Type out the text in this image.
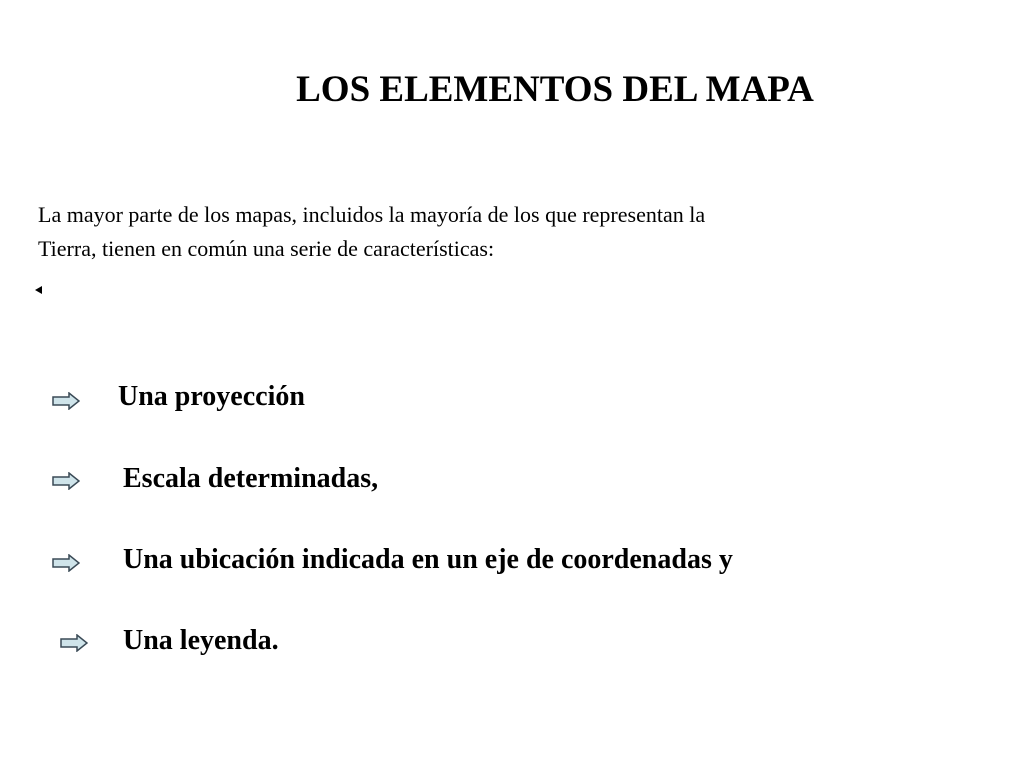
LOS ELEMENTOS DEL MAPA

La mayor parte de los mapas, incluidos la mayoría de los que representan la
Tierra, tienen en común una serie de características:

Una proyección
Escala determinadas,
Una ubicación indicada en un eje de coordenadas y
Una leyenda.
